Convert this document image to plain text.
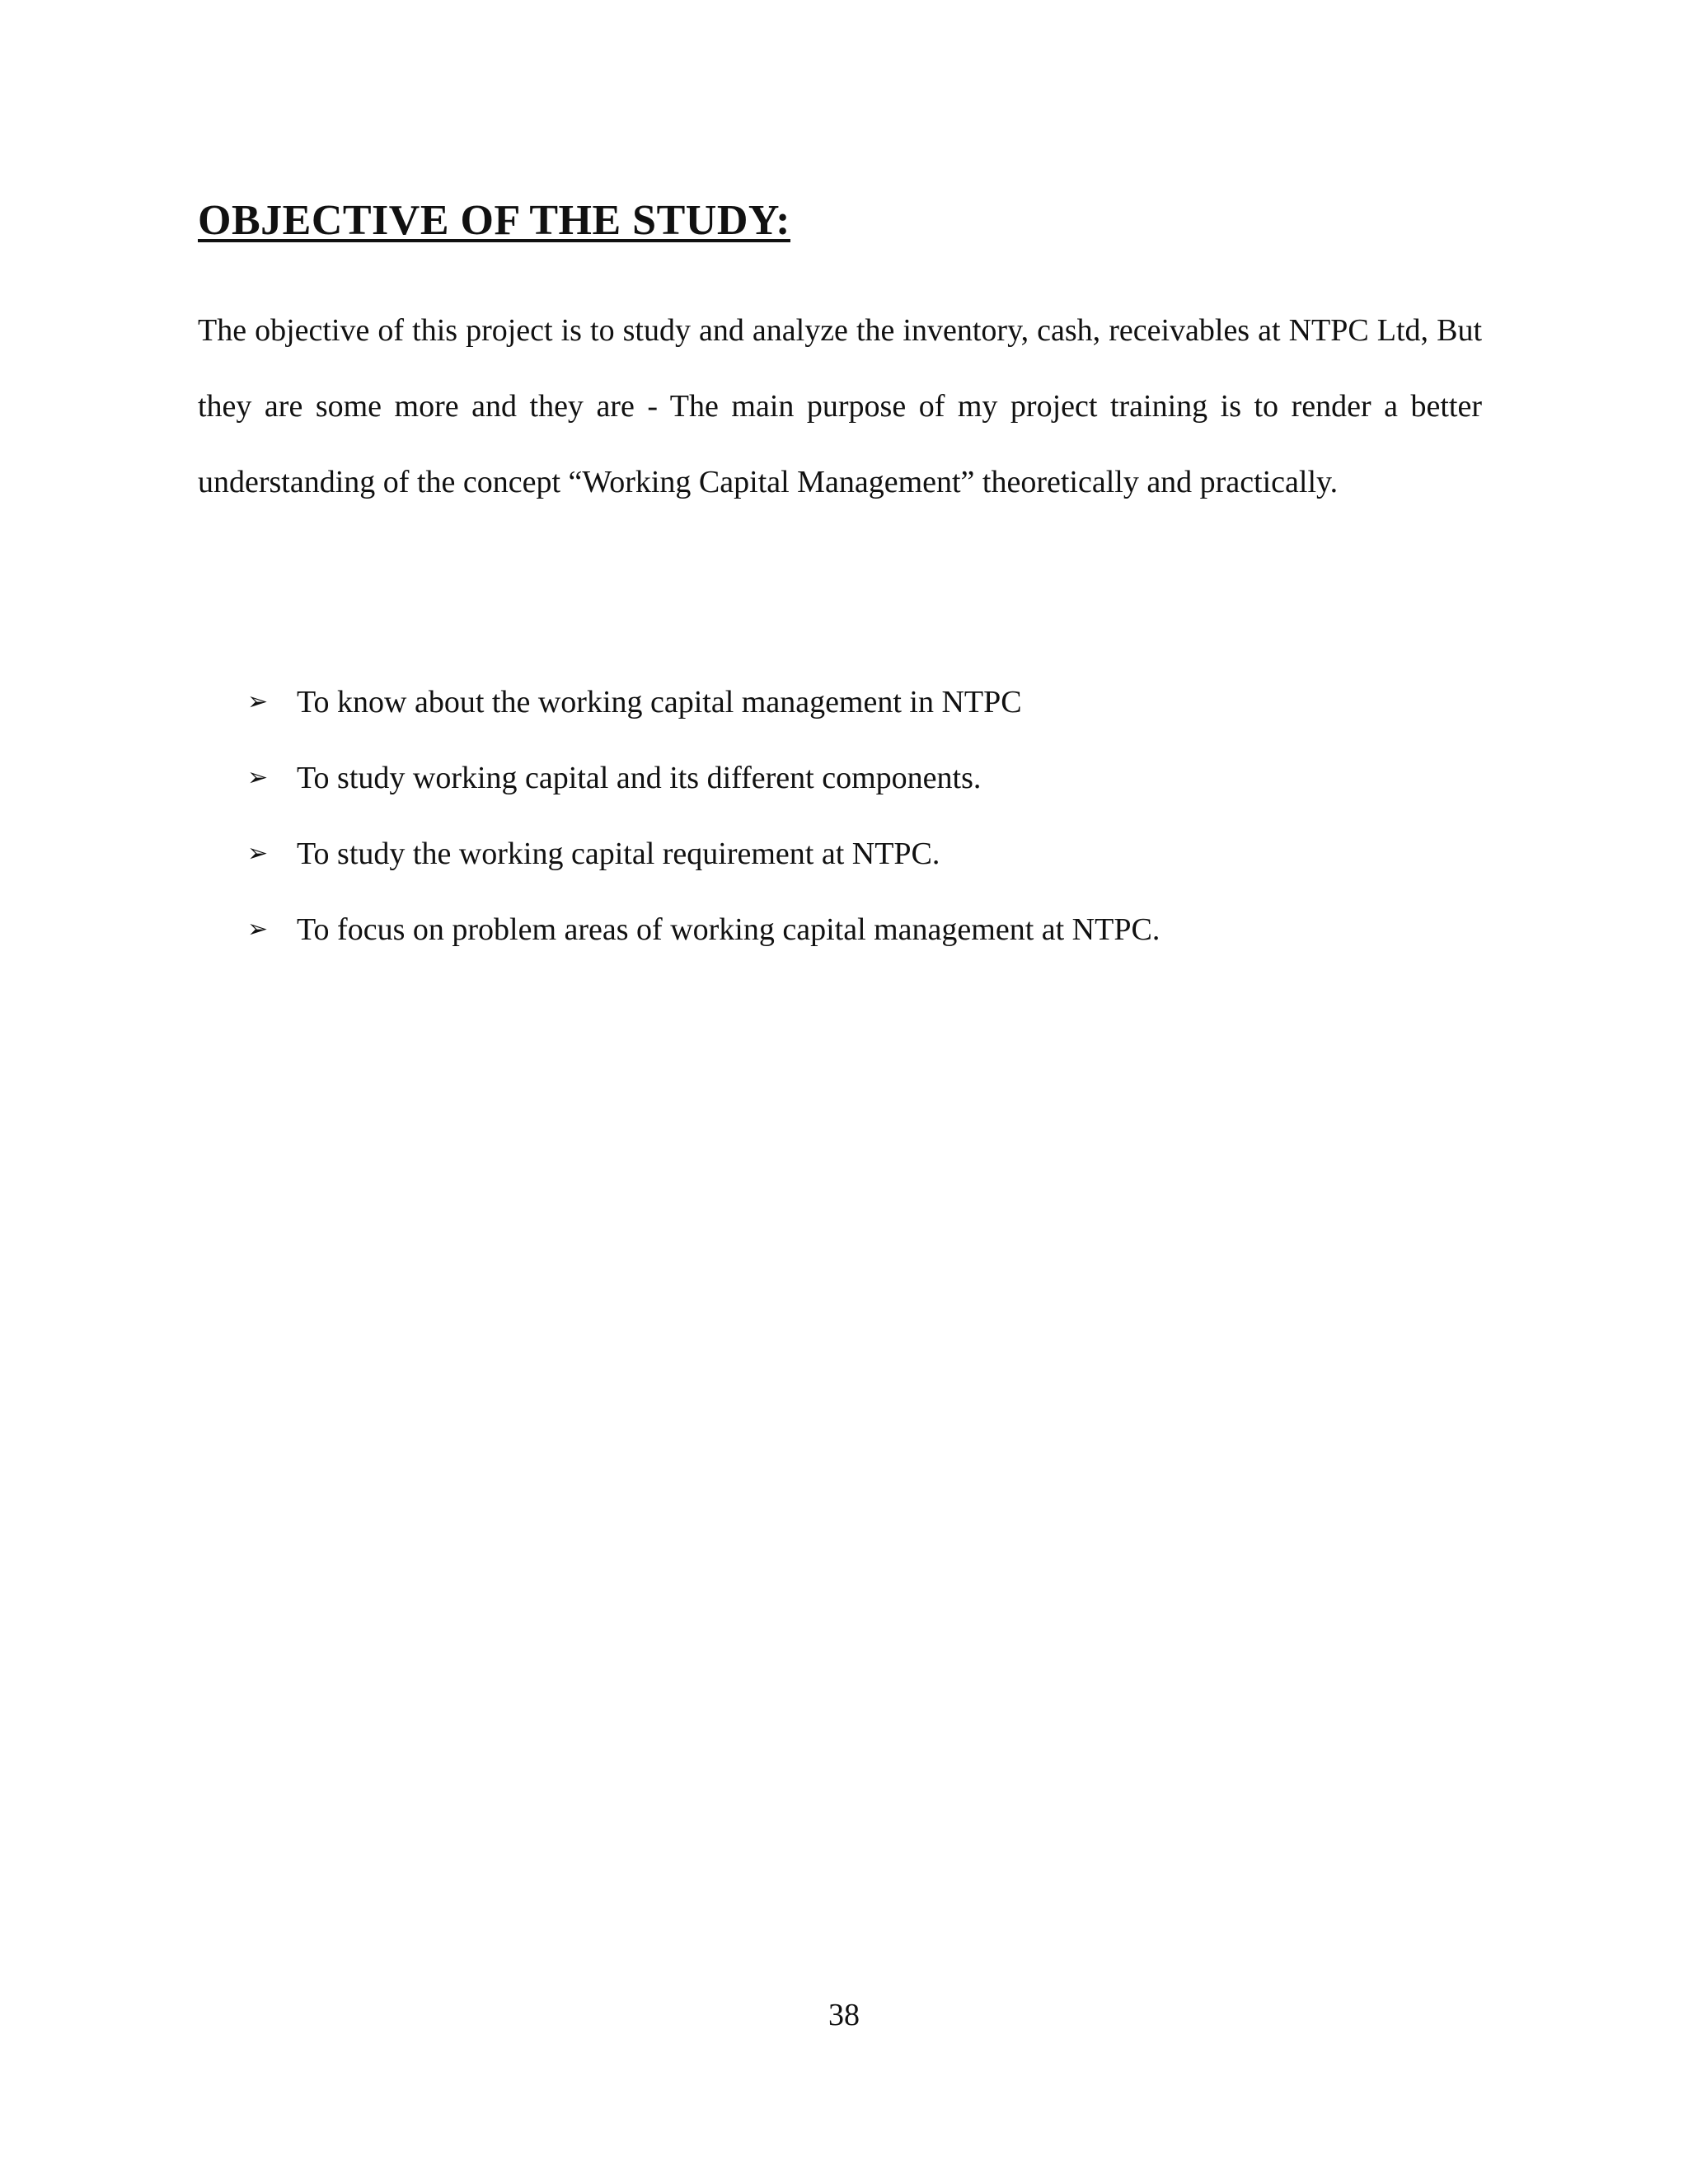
OBJECTIVE OF THE STUDY:

The objective of this project is to study and analyze the inventory, cash, receivables at NTPC Ltd, But they are some more and they are - The main purpose of my project training is to render a better understanding of the concept “Working Capital Management” theoretically and practically.

➢ To know about the working capital management in NTPC
➢ To study working capital and its different components.
➢ To study the working capital requirement at NTPC.
➢ To focus on problem areas of working capital management at NTPC.
38
